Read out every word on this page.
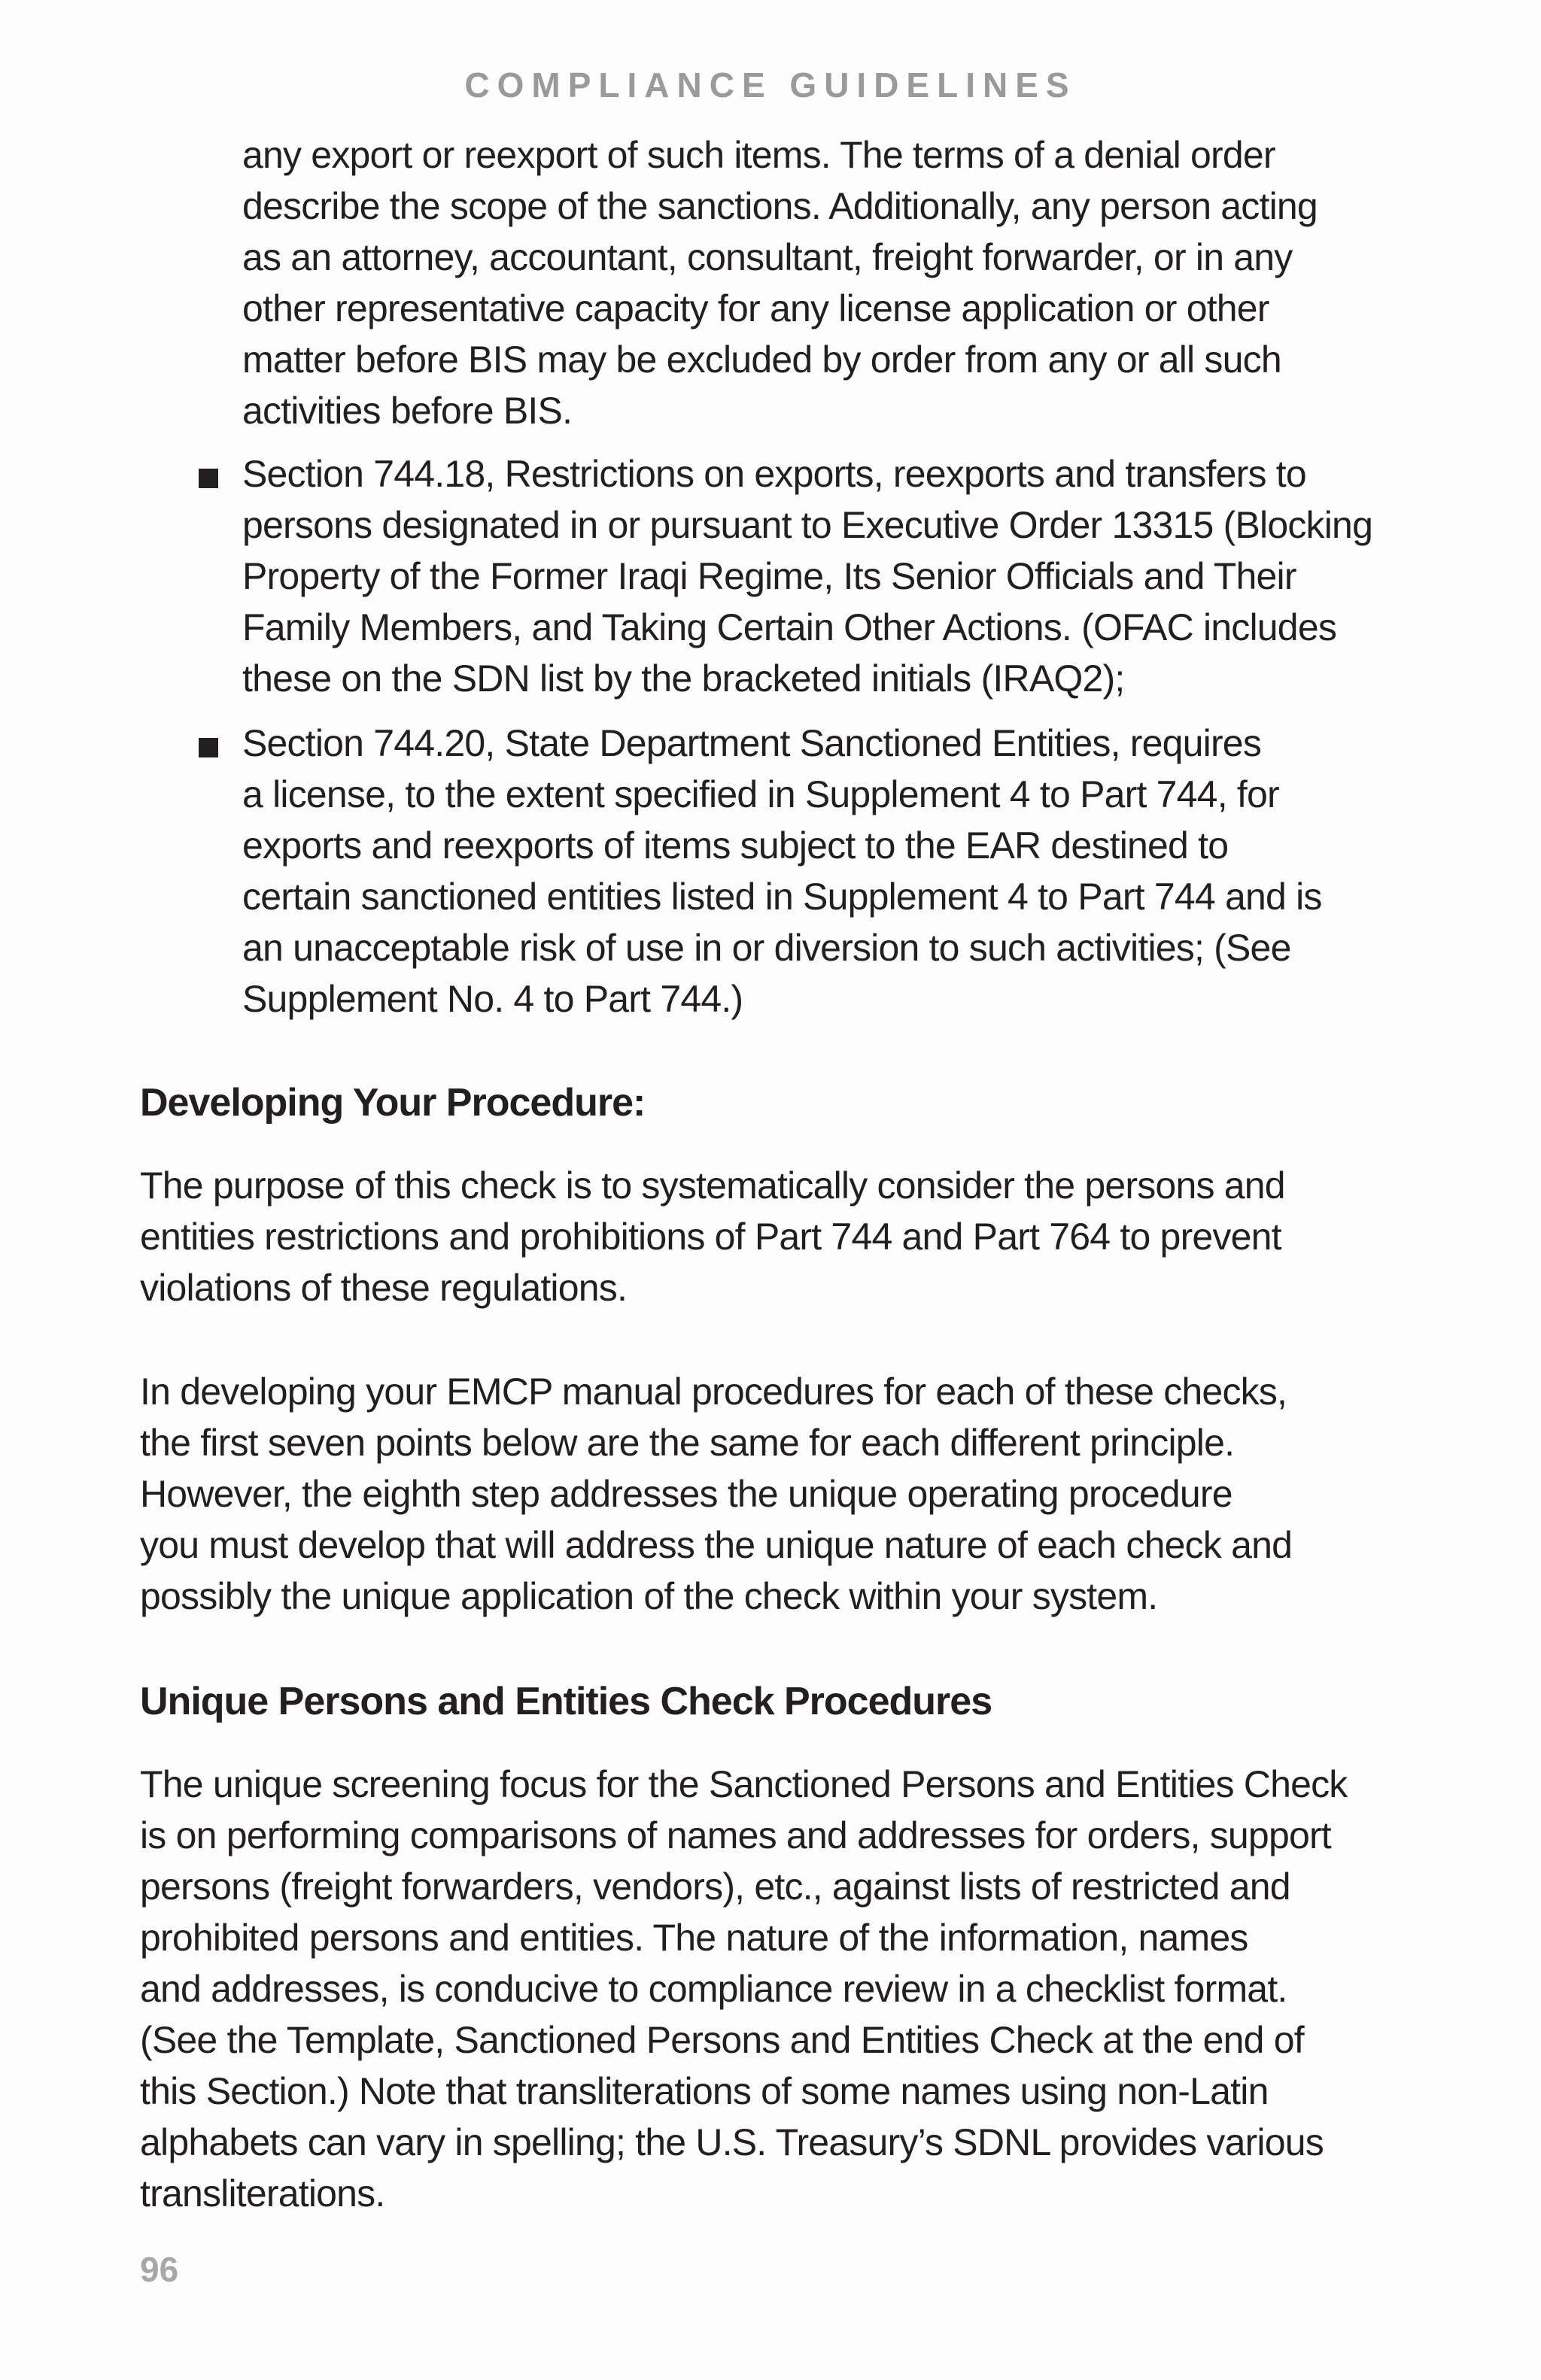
COMPLIANCE GUIDELINES
any export or reexport of such items. The terms of a denial order
describe the scope of the sanctions. Additionally, any person acting
as an attorney, accountant, consultant, freight forwarder, or in any
other representative capacity for any license application or other
matter before BIS may be excluded by order from any or all such
activities before BIS.
Section 744.18, Restrictions on exports, reexports and transfers to
persons designated in or pursuant to Executive Order 13315 (Blocking
Property of the Former Iraqi Regime, Its Senior Officials and Their
Family Members, and Taking Certain Other Actions. (OFAC includes
these on the SDN list by the bracketed initials (IRAQ2);
Section 744.20, State Department Sanctioned Entities, requires
a license, to the extent specified in Supplement 4 to Part 744, for
exports and reexports of items subject to the EAR destined to
certain sanctioned entities listed in Supplement 4 to Part 744 and is
an unacceptable risk of use in or diversion to such activities; (See
Supplement No. 4 to Part 744.)
Developing Your Procedure:
The purpose of this check is to systematically consider the persons and
entities restrictions and prohibitions of Part 744 and Part 764 to prevent
violations of these regulations.
In developing your EMCP manual procedures for each of these checks,
the first seven points below are the same for each different principle.
However, the eighth step addresses the unique operating procedure
you must develop that will address the unique nature of each check and
possibly the unique application of the check within your system.
Unique Persons and Entities Check Procedures
The unique screening focus for the Sanctioned Persons and Entities Check
is on performing comparisons of names and addresses for orders, support
persons (freight forwarders, vendors), etc., against lists of restricted and
prohibited persons and entities. The nature of the information, names
and addresses, is conducive to compliance review in a checklist format.
(See the Template, Sanctioned Persons and Entities Check at the end of
this Section.) Note that transliterations of some names using non-Latin
alphabets can vary in spelling; the U.S. Treasury’s SDNL provides various
transliterations.
96
